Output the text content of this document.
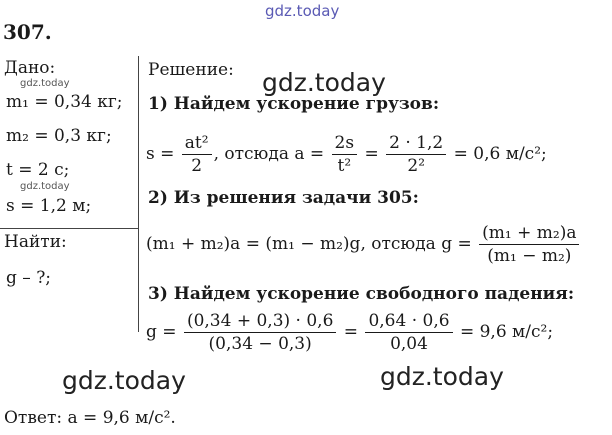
gdz.today
307.
Дано:
gdz.today
m₁ = 0,34 кг;
m₂ = 0,3 кг;
t = 2 с;
gdz.today
s = 1,2 м;
Найти:
g – ?;
Решение: gdz.today
1) Найдем ускорение грузов:
$s = \frac{\text{at²}}{2}$ , отсюда $a = \frac{2s}{\text{t²}} = \frac{2 \cdot 1,2}{\text{2²}} = 0,6$ м/с²;
2) Из решения задачи 305:
(m₁ + m₂)a = (m₁ − m₂)g, отсюда $g = \frac{\text{(m₁ + m₂)a}}{\text{(m₁ − m₂)}}$
3) Найдем ускорение свободного падения:
$g = \frac{(0,34 + 0,3) \cdot 0,6}{(0,34 - 0,3)} = \frac{0,64 \cdot 0,6}{0,04} = 9,6$ м/с²;
gdz.today	gdz.today
Ответ: a = 9,6 м/с².
